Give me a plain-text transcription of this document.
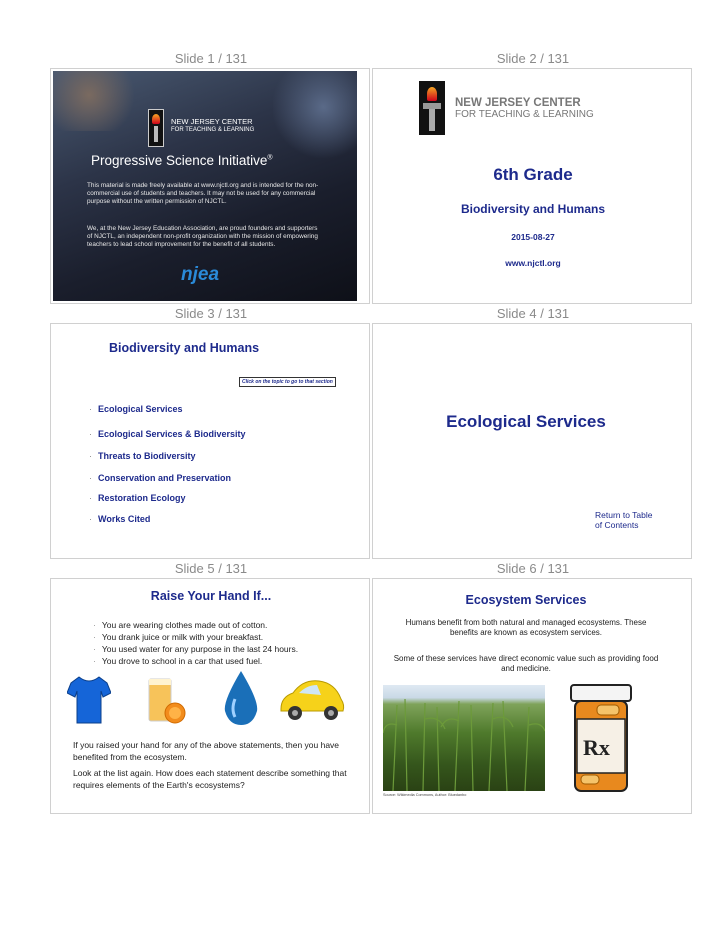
Slide 1 / 131	Slide 2 / 131
Slide 3 / 131	Slide 4 / 131
Slide 5 / 131	Slide 6 / 131
NEW JERSEY CENTER
FOR TEACHING & LEARNING
Progressive Science Initiative®
This material is made freely available at www.njctl.org and is intended for the non-commercial use of students and teachers. It may not be used for any commercial purpose without the written permission of NJCTL.
We, at the New Jersey Education Association, are proud founders and supporters of NJCTL, an independent non-profit organization with the mission of empowering teachers to lead school improvement for the benefit of all students.
njea
NEW JERSEY CENTER
FOR TEACHING & LEARNING
6th Grade
Biodiversity and Humans
2015-08-27
www.njctl.org
Biodiversity and Humans
Click on the topic to go to that section
· Ecological Services
· Ecological Services & Biodiversity
· Threats to Biodiversity
· Conservation and Preservation
· Restoration Ecology
· Works Cited
Ecological Services
Return to Table
of Contents
Raise Your Hand If...
· You are wearing clothes made out of cotton.
· You drank juice or milk with your breakfast.
· You used water for any purpose in the last 24 hours.
· You drove to school in a car that used fuel.
If you raised your hand for any of the above statements, then you have benefited from the ecosystem.
Look at the list again. How does each statement describe something that requires elements of the Earth's ecosystems?
Ecosystem Services
Humans benefit from both natural and managed ecosystems. These benefits are known as ecosystem services.
Some of these services have direct economic value such as providing food and medicine.
Source: Wikimedia Commons, Author: Bluedanbo
Rx
